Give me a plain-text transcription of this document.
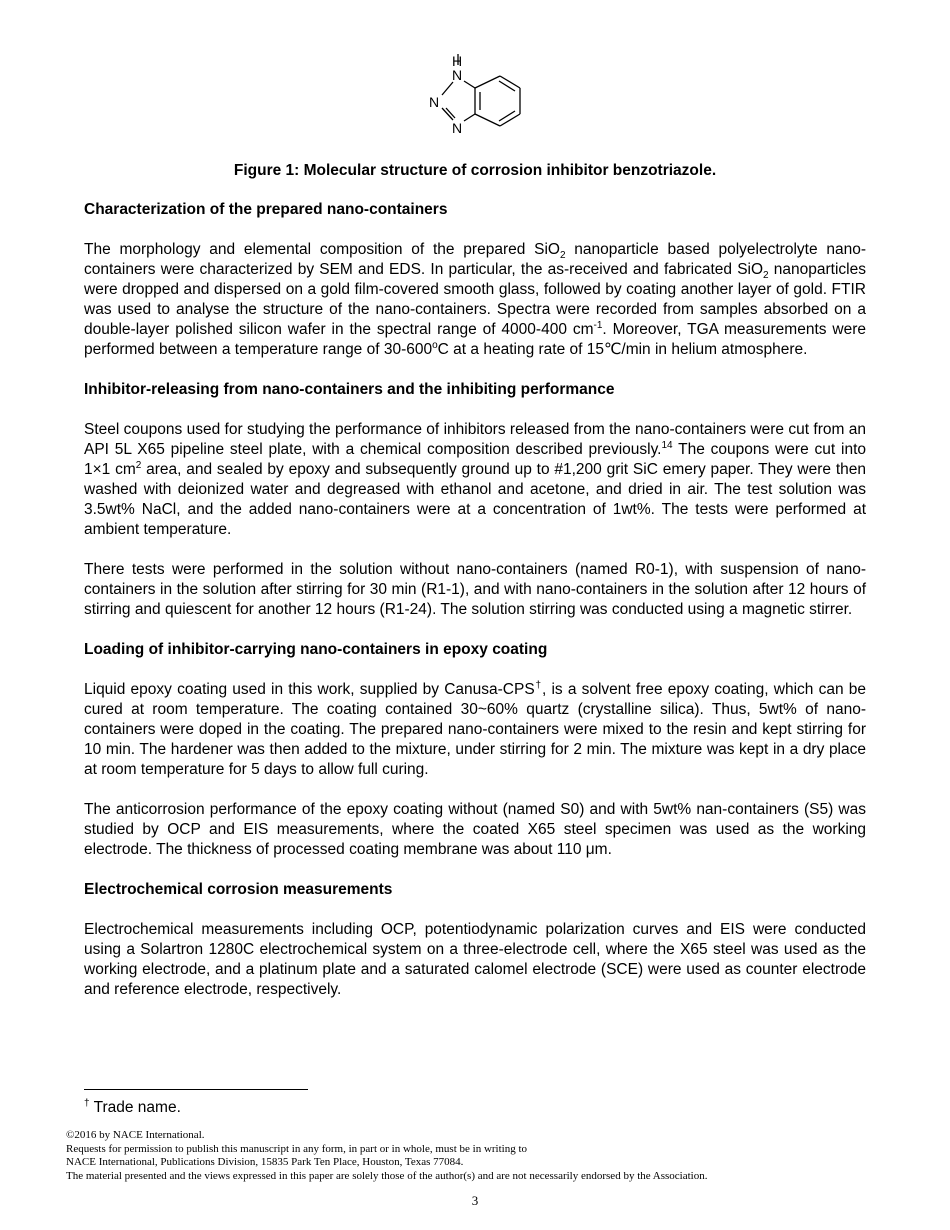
H
N
N
N
Figure 1: Molecular structure of corrosion inhibitor benzotriazole.
Characterization of the prepared nano-containers

The morphology and elemental composition of the prepared SiO$_2$ nanoparticle based polyelectrolyte nano-containers were characterized by SEM and EDS. In particular, the as-received and fabricated SiO$_2$ nanoparticles were dropped and dispersed on a gold film-covered smooth glass, followed by coating another layer of gold. FTIR was used to analyse the structure of the nano-containers. Spectra were recorded from samples absorbed on a double-layer polished silicon wafer in the spectral range of 4000-400 $cm^{-1}$. Moreover, TGA measurements were performed between a temperature range of 30-600$^o$C at a heating rate of 15℃/min in helium atmosphere.

Inhibitor-releasing from nano-containers and the inhibiting performance

Steel coupons used for studying the performance of inhibitors released from the nano-containers were cut from an API 5L X65 pipeline steel plate, with a chemical composition described previously.$^{14}$ The coupons were cut into 1×1 $cm^2$ area, and sealed by epoxy and subsequently ground up to #1,200 grit SiC emery paper. They were then washed with deionized water and degreased with ethanol and acetone, and dried in air. The test solution was 3.5wt% NaCl, and the added nano-containers were at a concentration of 1wt%. The tests were performed at ambient temperature.

There tests were performed in the solution without nano-containers (named R0-1), with suspension of nano-containers in the solution after stirring for 30 min (R1-1), and with nano-containers in the solution after 12 hours of stirring and quiescent for another 12 hours (R1-24). The solution stirring was conducted using a magnetic stirrer.

Loading of inhibitor-carrying nano-containers in epoxy coating

Liquid epoxy coating used in this work, supplied by Canusa-CPS†, is a solvent free epoxy coating, which can be cured at room temperature. The coating contained 30~60% quartz (crystalline silica). Thus, 5wt% of nano-containers were doped in the coating. The prepared nano-containers were mixed to the resin and kept stirring for 10 min. The hardener was then added to the mixture, under stirring for 2 min. The mixture was kept in a dry place at room temperature for 5 days to allow full curing.

The anticorrosion performance of the epoxy coating without (named S0) and with 5wt% nan-containers (S5) was studied by OCP and EIS measurements, where the coated X65 steel specimen was used as the working electrode. The thickness of processed coating membrane was about 110 μm.

Electrochemical corrosion measurements

Electrochemical measurements including OCP, potentiodynamic polarization curves and EIS were conducted using a Solartron 1280C electrochemical system on a three-electrode cell, where the X65 steel was used as the working electrode, and a platinum plate and a saturated calomel electrode (SCE) were used as counter electrode and reference electrode, respectively.

† Trade name.
©2016 by NACE International.
Requests for permission to publish this manuscript in any form, in part or in whole, must be in writing to
NACE International, Publications Division, 15835 Park Ten Place, Houston, Texas 77084.
The material presented and the views expressed in this paper are solely those of the author(s) and are not necessarily endorsed by the Association.
3
